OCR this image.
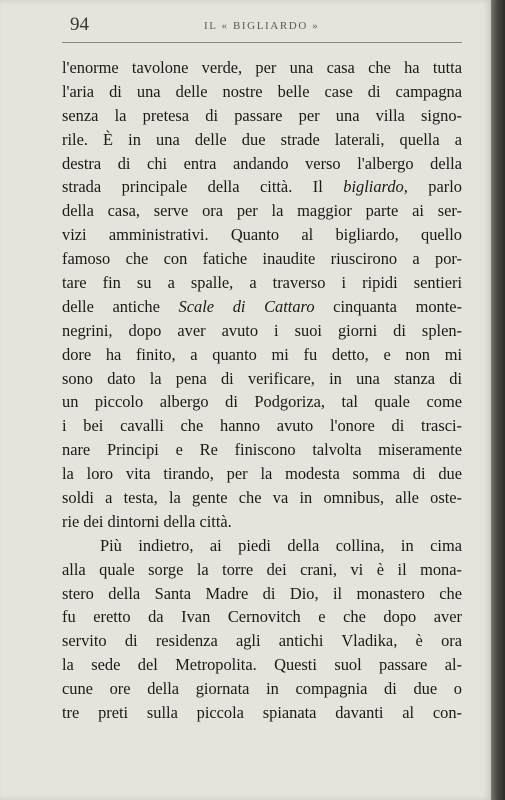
94	IL « BIGLIARDO »
l'enorme tavolone verde, per una casa che ha tutta
l'aria di una delle nostre belle case di campagna
senza la pretesa di passare per una villa signo-
rile. È in una delle due strade laterali, quella a
destra di chi entra andando verso l'albergo della
strada principale della città. Il bigliardo, parlo
della casa, serve ora per la maggior parte ai ser-
vizi amministrativi. Quanto al bigliardo, quello
famoso che con fatiche inaudite riuscirono a por-
tare fin su a spalle, a traverso i ripidi sentieri
delle antiche Scale di Cattaro cinquanta monte-
negrini, dopo aver avuto i suoi giorni di splen-
dore ha finito, a quanto mi fu detto, e non mi
sono dato la pena di verificare, in una stanza di
un piccolo albergo di Podgoriza, tal quale come
i bei cavalli che hanno avuto l'onore di trasci-
nare Principi e Re finiscono talvolta miseramente
la loro vita tirando, per la modesta somma di due
soldi a testa, la gente che va in omnibus, alle oste-
rie dei dintorni della città.
Più indietro, ai piedi della collina, in cima
alla quale sorge la torre dei crani, vi è il mona-
stero della Santa Madre di Dio, il monastero che
fu eretto da Ivan Cernovitch e che dopo aver
servito di residenza agli antichi Vladika, è ora
la sede del Metropolita. Questi suol passare al-
cune ore della giornata in compagnia di due o
tre preti sulla piccola spianata davanti al con-
